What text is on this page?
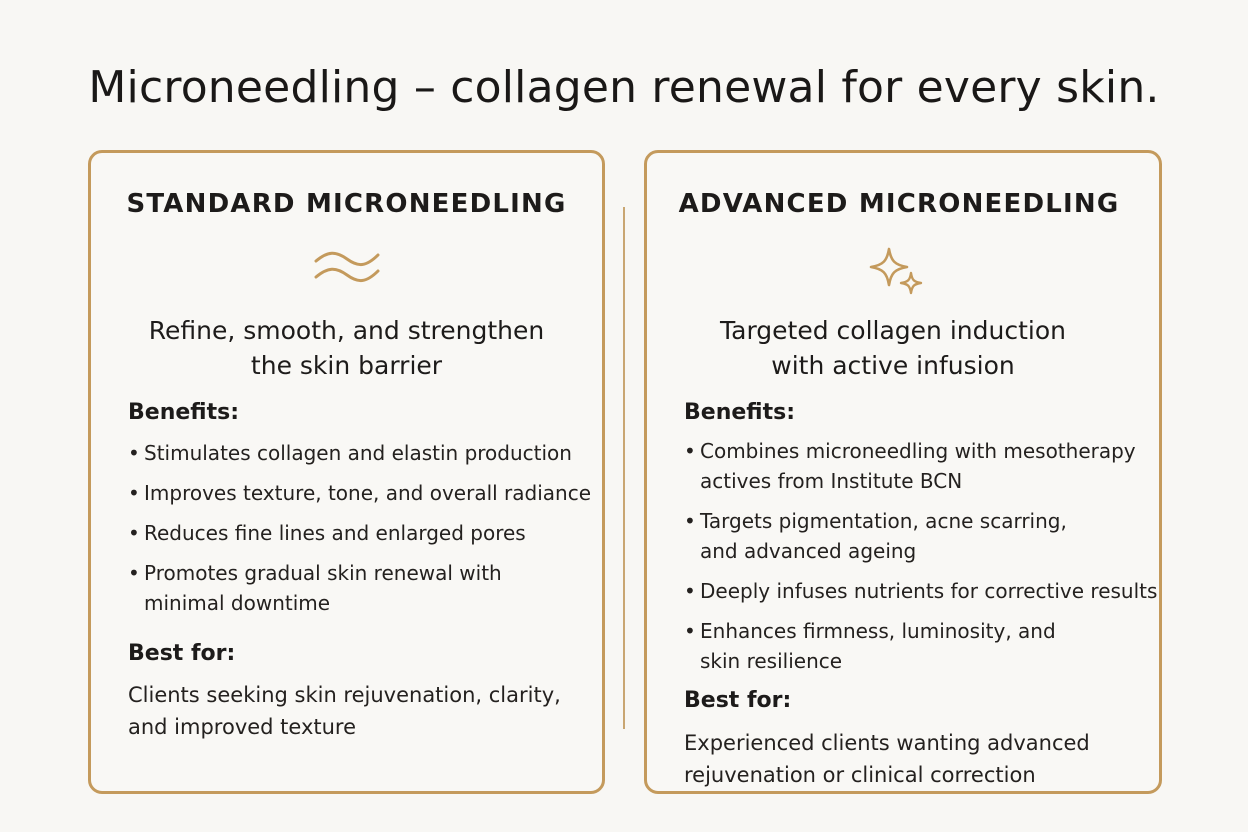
Microneedling – collagen renewal for every skin.
STANDARD MICRONEEDLING

Refine, smooth, and strengthen
the skin barrier

Benefits:
• Stimulates collagen and elastin production
• Improves texture, tone, and overall radiance
• Reduces fine lines and enlarged pores
• Promotes gradual skin renewal with
minimal downtime
Best for:

Clients seeking skin rejuvenation, clarity, and improved texture

ADVANCED MICRONEEDLING

Targeted collagen induction
with active infusion

Benefits:
• Combines microneedling with mesotherapy
actives from Institute BCN
• Targets pigmentation, acne scarring,
and advanced ageing
• Deeply infuses nutrients for corrective results
• Enhances firmness, luminosity, and
skin resilience
Best for:

Experienced clients wanting advanced rejuvenation or clinical correction
